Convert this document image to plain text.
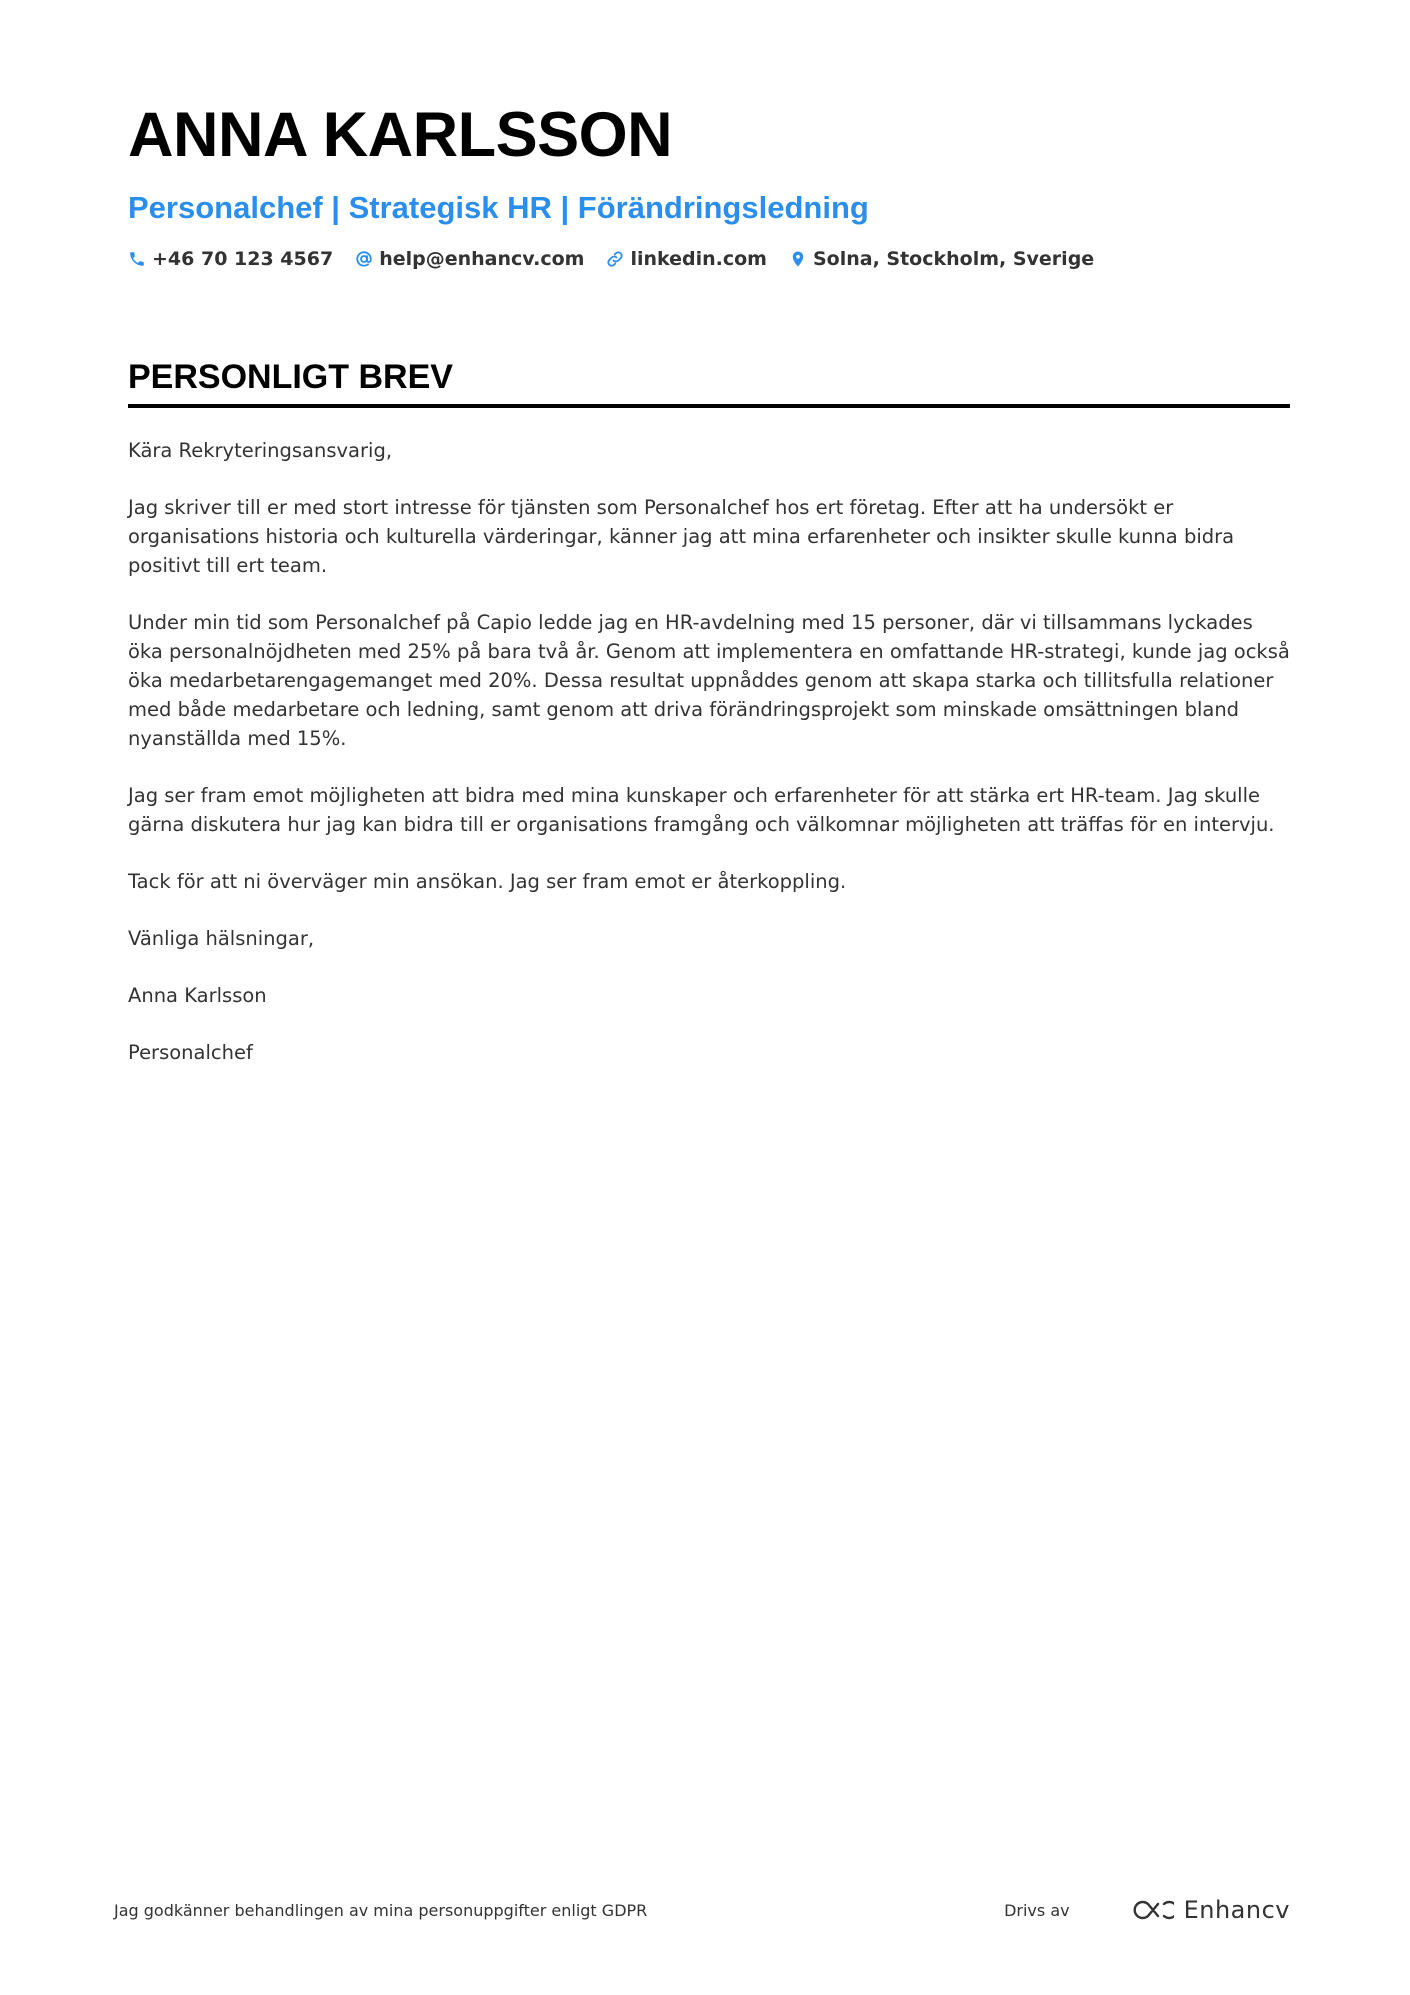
ANNA KARLSSON
Personalchef | Strategisk HR | Förändringsledning
+46 70 123 4567 help@enhancv.com linkedin.com Solna, Stockholm, Sverige
PERSONLIGT BREV

Kära Rekryteringsansvarig,

Jag skriver till er med stort intresse för tjänsten som Personalchef hos ert företag. Efter att ha undersökt er organisations historia och kulturella värderingar, känner jag att mina erfarenheter och insikter skulle kunna bidra positivt till ert team.

Under min tid som Personalchef på Capio ledde jag en HR-avdelning med 15 personer, där vi tillsammans lyckades öka personalnöjdheten med 25% på bara två år. Genom att implementera en omfattande HR-strategi, kunde jag också öka medarbetarengagemanget med 20%. Dessa resultat uppnåddes genom att skapa starka och tillitsfulla relationer med både medarbetare och ledning, samt genom att driva förändringsprojekt som minskade omsättningen bland nyanställda med 15%.

Jag ser fram emot möjligheten att bidra med mina kunskaper och erfarenheter för att stärka ert HR-team. Jag skulle gärna diskutera hur jag kan bidra till er organisations framgång och välkomnar möjligheten att träffas för en intervju.

Tack för att ni överväger min ansökan. Jag ser fram emot er återkoppling.

Vänliga hälsningar,

Anna Karlsson

Personalchef

Jag godkänner behandlingen av mina personuppgifter enligt GDPR	Drivs av	Enhancv
